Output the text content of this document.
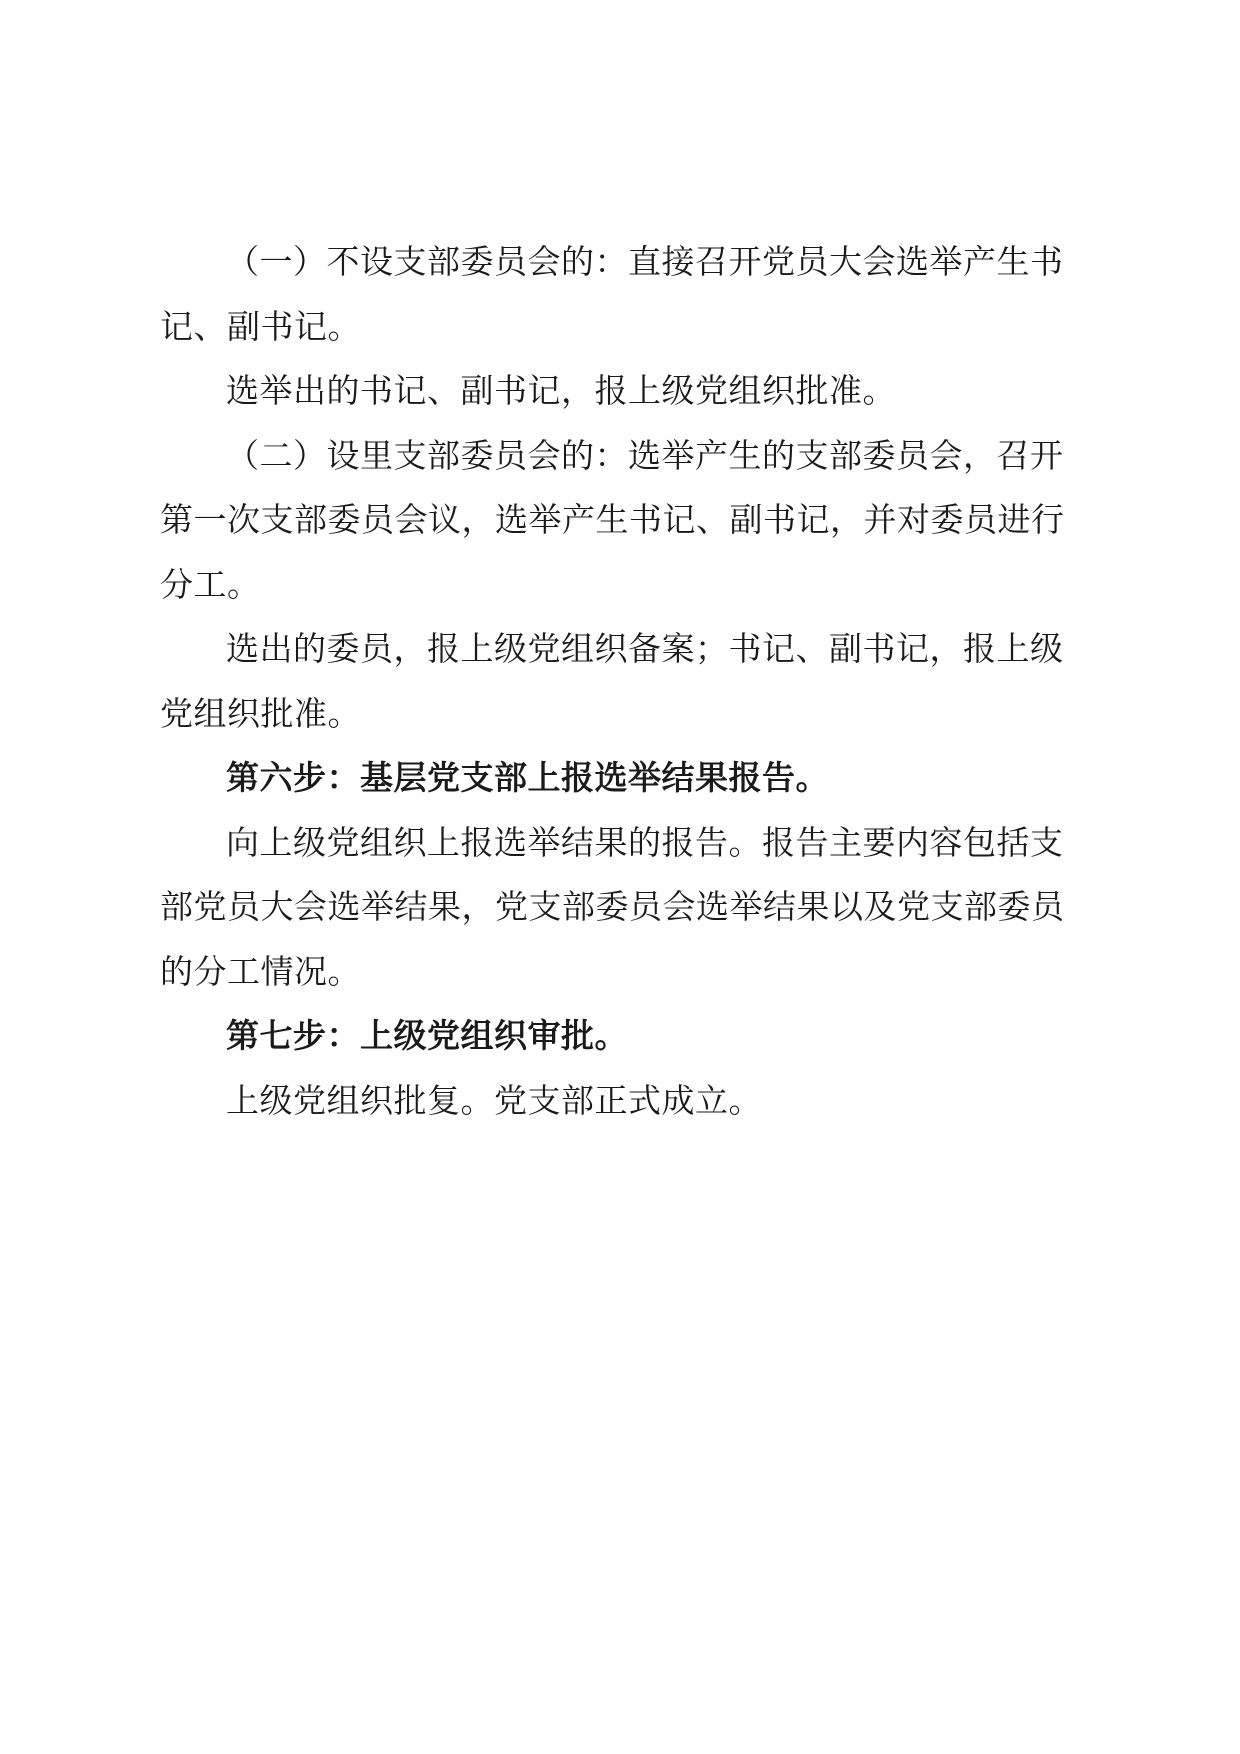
（一）不设支部委员会的：直接召开党员大会选举产生书记、副书记。

选举出的书记、副书记，报上级党组织批准。

（二）设里支部委员会的：选举产生的支部委员会，召开第一次支部委员会议，选举产生书记、副书记，并对委员进行分工。

选出的委员，报上级党组织备案；书记、副书记，报上级党组织批准。

第六步：基层党支部上报选举结果报告。

向上级党组织上报选举结果的报告。报告主要内容包括支部党员大会选举结果，党支部委员会选举结果以及党支部委员的分工情况。

第七步：上级党组织审批。

上级党组织批复。党支部正式成立。
